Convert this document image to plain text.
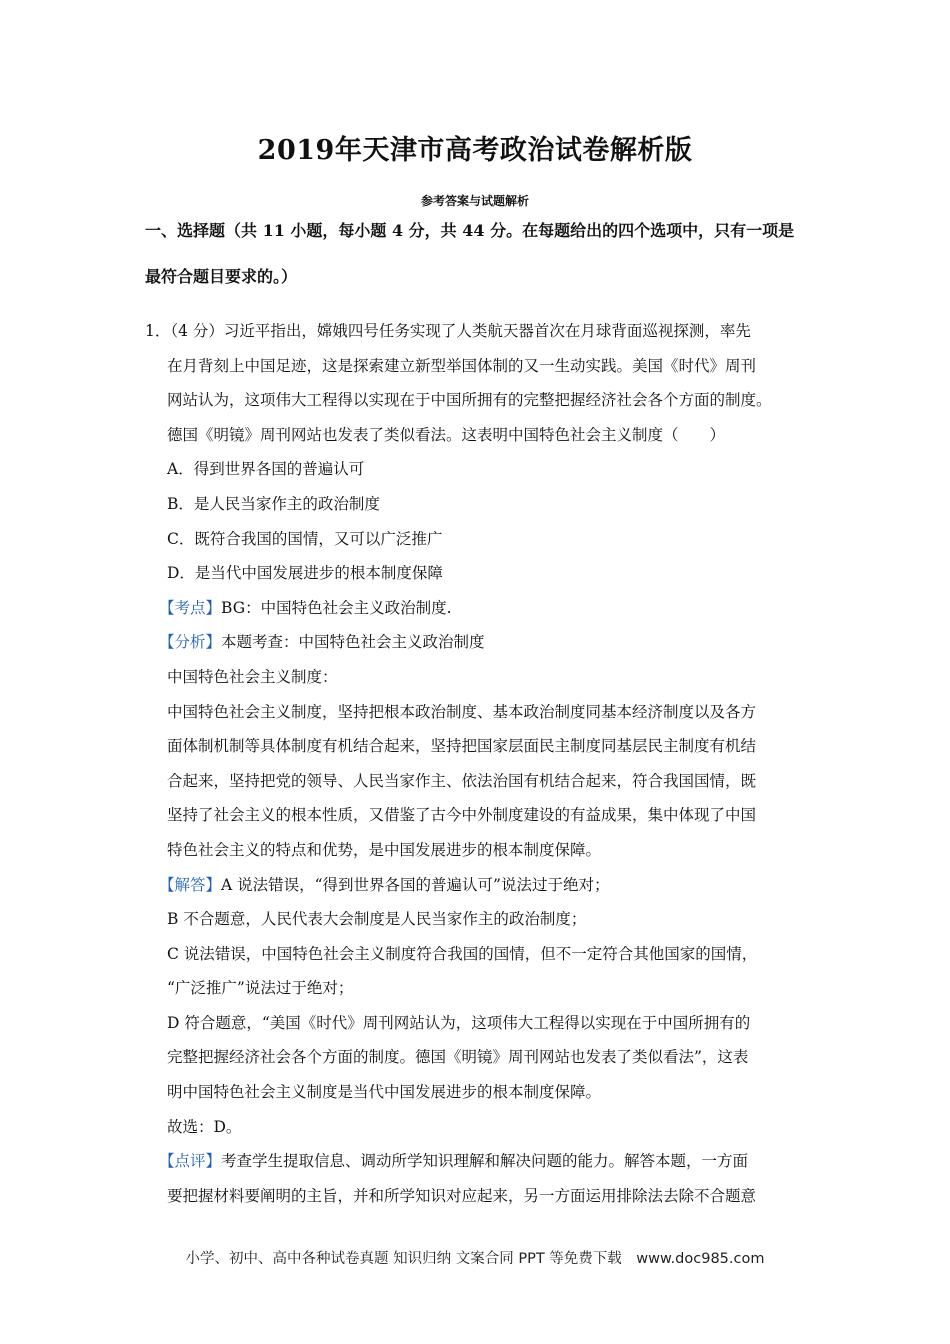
2019年天津市高考政治试卷解析版
参考答案与试题解析
一、选择题（共 11 小题，每小题 4 分，共 44 分。在每题给出的四个选项中，只有一项是
最符合题目要求的。）
1．（4 分）习近平指出，嫦娥四号任务实现了人类航天器首次在月球背面巡视探测，率先
在月背刻上中国足迹，这是探索建立新型举国体制的又一生动实践。美国《时代》周刊
网站认为，这项伟大工程得以实现在于中国所拥有的完整把握经济社会各个方面的制度。
德国《明镜》周刊网站也发表了类似看法。这表明中国特色社会主义制度（　　）
A．得到世界各国的普遍认可
B．是人民当家作主的政治制度
C．既符合我国的国情，又可以广泛推广
D．是当代中国发展进步的根本制度保障
【考点】BG：中国特色社会主义政治制度.
【分析】本题考查：中国特色社会主义政治制度
中国特色社会主义制度：
中国特色社会主义制度，坚持把根本政治制度、基本政治制度同基本经济制度以及各方
面体制机制等具体制度有机结合起来，坚持把国家层面民主制度同基层民主制度有机结
合起来，坚持把党的领导、人民当家作主、依法治国有机结合起来，符合我国国情，既
坚持了社会主义的根本性质，又借鉴了古今中外制度建设的有益成果，集中体现了中国
特色社会主义的特点和优势，是中国发展进步的根本制度保障。
【解答】A 说法错误，“得到世界各国的普遍认可”说法过于绝对；
B 不合题意，人民代表大会制度是人民当家作主的政治制度；
C 说法错误，中国特色社会主义制度符合我国的国情，但不一定符合其他国家的国情，
“广泛推广”说法过于绝对；
D 符合题意，“美国《时代》周刊网站认为，这项伟大工程得以实现在于中国所拥有的
完整把握经济社会各个方面的制度。德国《明镜》周刊网站也发表了类似看法”，这表
明中国特色社会主义制度是当代中国发展进步的根本制度保障。
故选：D。
【点评】考查学生提取信息、调动所学知识理解和解决问题的能力。解答本题，一方面
要把握材料要阐明的主旨，并和所学知识对应起来，另一方面运用排除法去除不合题意
小学、初中、高中各种试卷真题 知识归纳 文案合同 PPT 等免费下载　www.doc985.com
